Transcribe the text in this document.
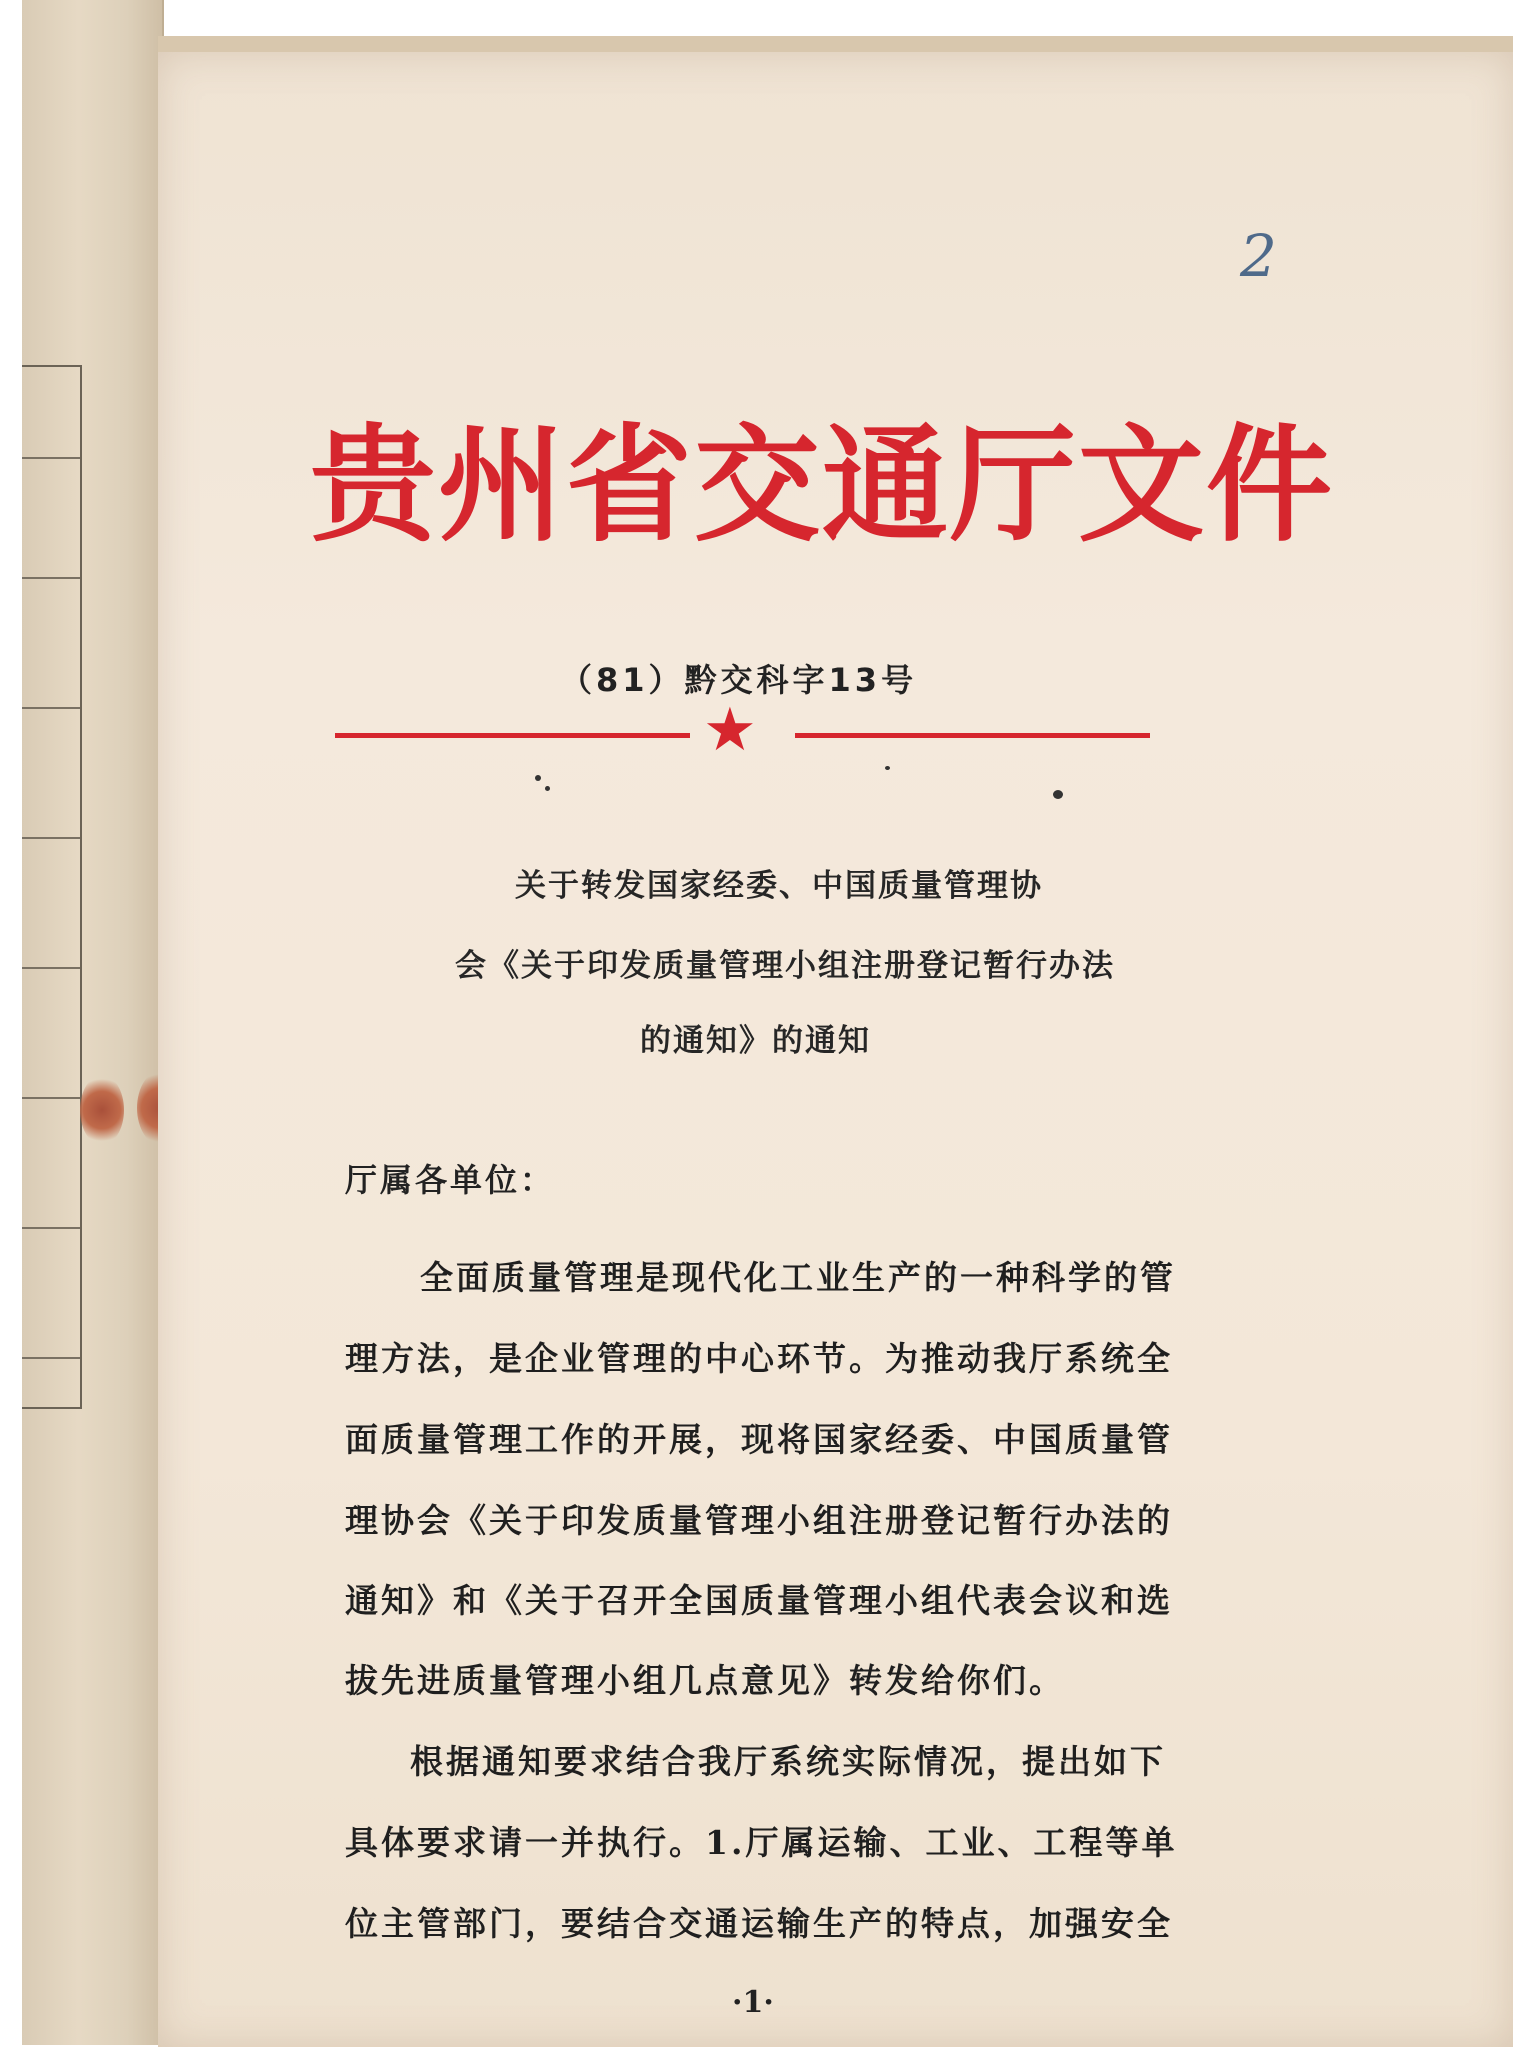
2
贵州省交通厅文件
（81）黔交科字13号
★
关于转发国家经委、中国质量管理协
会《关于印发质量管理小组注册登记暂行办法
的通知》的通知
厅属各单位：
全面质量管理是现代化工业生产的一种科学的管
理方法，是企业管理的中心环节。为推动我厅系统全
面质量管理工作的开展，现将国家经委、中国质量管
理协会《关于印发质量管理小组注册登记暂行办法的
通知》和《关于召开全国质量管理小组代表会议和选
拔先进质量管理小组几点意见》转发给你们。
根据通知要求结合我厅系统实际情况，提出如下
具体要求请一并执行。1.厅属运输、工业、工程等单
位主管部门，要结合交通运输生产的特点，加强安全
·1·
